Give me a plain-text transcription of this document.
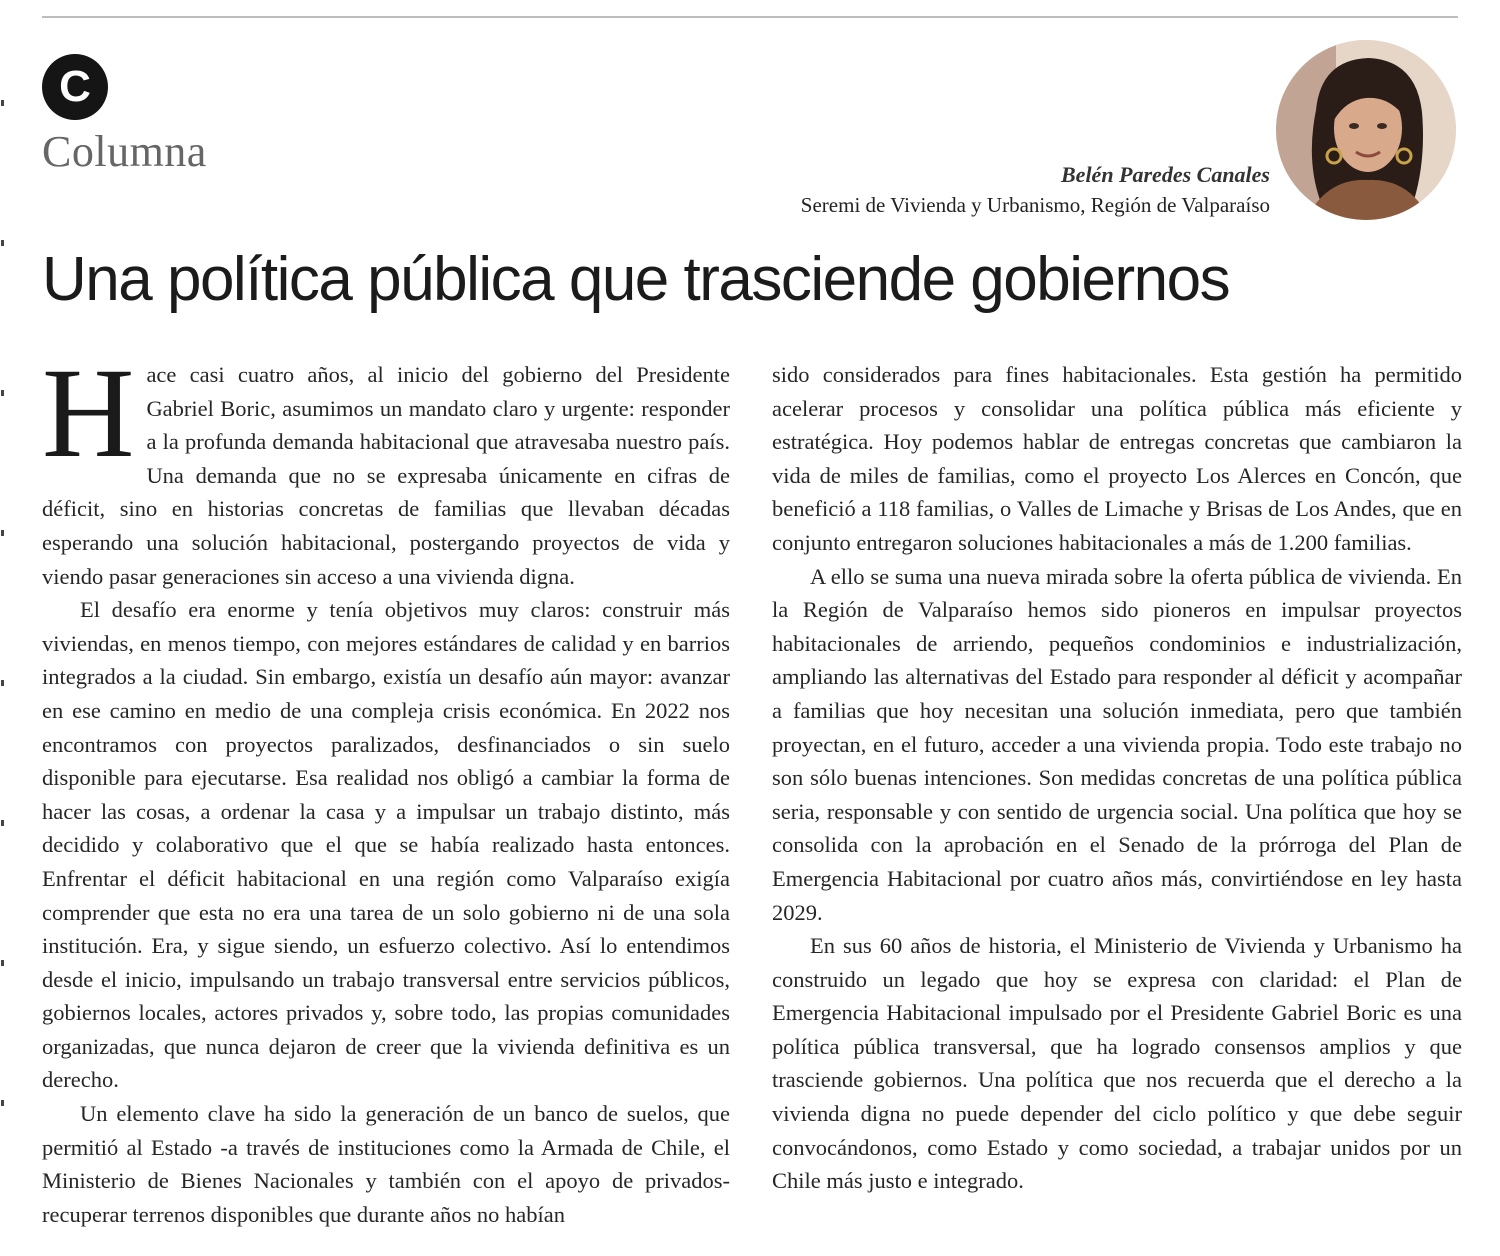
C
Columna	Belén Paredes Canales
Seremi de Vivienda y Urbanismo, Región de Valparaíso
Una política pública que trasciende gobiernos

Hace casi cuatro años, al inicio del gobierno del Presidente Gabriel Boric, asumimos un mandato claro y urgente: responder a la profunda demanda habitacional que atravesaba nuestro país. Una demanda que no se expresaba únicamente en cifras de déficit, sino en historias concretas de familias que llevaban décadas esperando una solución habitacional, postergando proyectos de vida y viendo pasar generaciones sin acceso a una vivienda digna.

El desafío era enorme y tenía objetivos muy claros: construir más viviendas, en menos tiempo, con mejores estándares de calidad y en barrios integrados a la ciudad. Sin embargo, existía un desafío aún mayor: avanzar en ese camino en medio de una compleja crisis económica. En 2022 nos encontramos con proyectos paralizados, desfinanciados o sin suelo disponible para ejecutarse. Esa realidad nos obligó a cambiar la forma de hacer las cosas, a ordenar la casa y a impulsar un trabajo distinto, más decidido y colaborativo que el que se había realizado hasta entonces. Enfrentar el déficit habitacional en una región como Valparaíso exigía comprender que esta no era una tarea de un solo gobierno ni de una sola institución. Era, y sigue siendo, un esfuerzo colectivo. Así lo entendimos desde el inicio, impulsando un trabajo transversal entre servicios públicos, gobiernos locales, actores privados y, sobre todo, las propias comunidades organizadas, que nunca dejaron de creer que la vivienda definitiva es un derecho.

Un elemento clave ha sido la generación de un banco de suelos, que permitió al Estado -a través de instituciones como la Armada de Chile, el Ministerio de Bienes Nacionales y también con el apoyo de privados- recuperar terrenos disponibles que durante años no habían

sido considerados para fines habitacionales. Esta gestión ha permitido acelerar procesos y consolidar una política pública más eficiente y estratégica. Hoy podemos hablar de entregas concretas que cambiaron la vida de miles de familias, como el proyecto Los Alerces en Concón, que benefició a 118 familias, o Valles de Limache y Brisas de Los Andes, que en conjunto entregaron soluciones habitacionales a más de 1.200 familias.

A ello se suma una nueva mirada sobre la oferta pública de vivienda. En la Región de Valparaíso hemos sido pioneros en impulsar proyectos habitacionales de arriendo, pequeños condominios e industrialización, ampliando las alternativas del Estado para responder al déficit y acompañar a familias que hoy necesitan una solución inmediata, pero que también proyectan, en el futuro, acceder a una vivienda propia. Todo este trabajo no son sólo buenas intenciones. Son medidas concretas de una política pública seria, responsable y con sentido de urgencia social. Una política que hoy se consolida con la aprobación en el Senado de la prórroga del Plan de Emergencia Habitacional por cuatro años más, convirtiéndose en ley hasta 2029.

En sus 60 años de historia, el Ministerio de Vivienda y Urbanismo ha construido un legado que hoy se expresa con claridad: el Plan de Emergencia Habitacional impulsado por el Presidente Gabriel Boric es una política pública transversal, que ha logrado consensos amplios y que trasciende gobiernos. Una política que nos recuerda que el derecho a la vivienda digna no puede depender del ciclo político y que debe seguir convocándonos, como Estado y como sociedad, a trabajar unidos por un Chile más justo e integrado.
